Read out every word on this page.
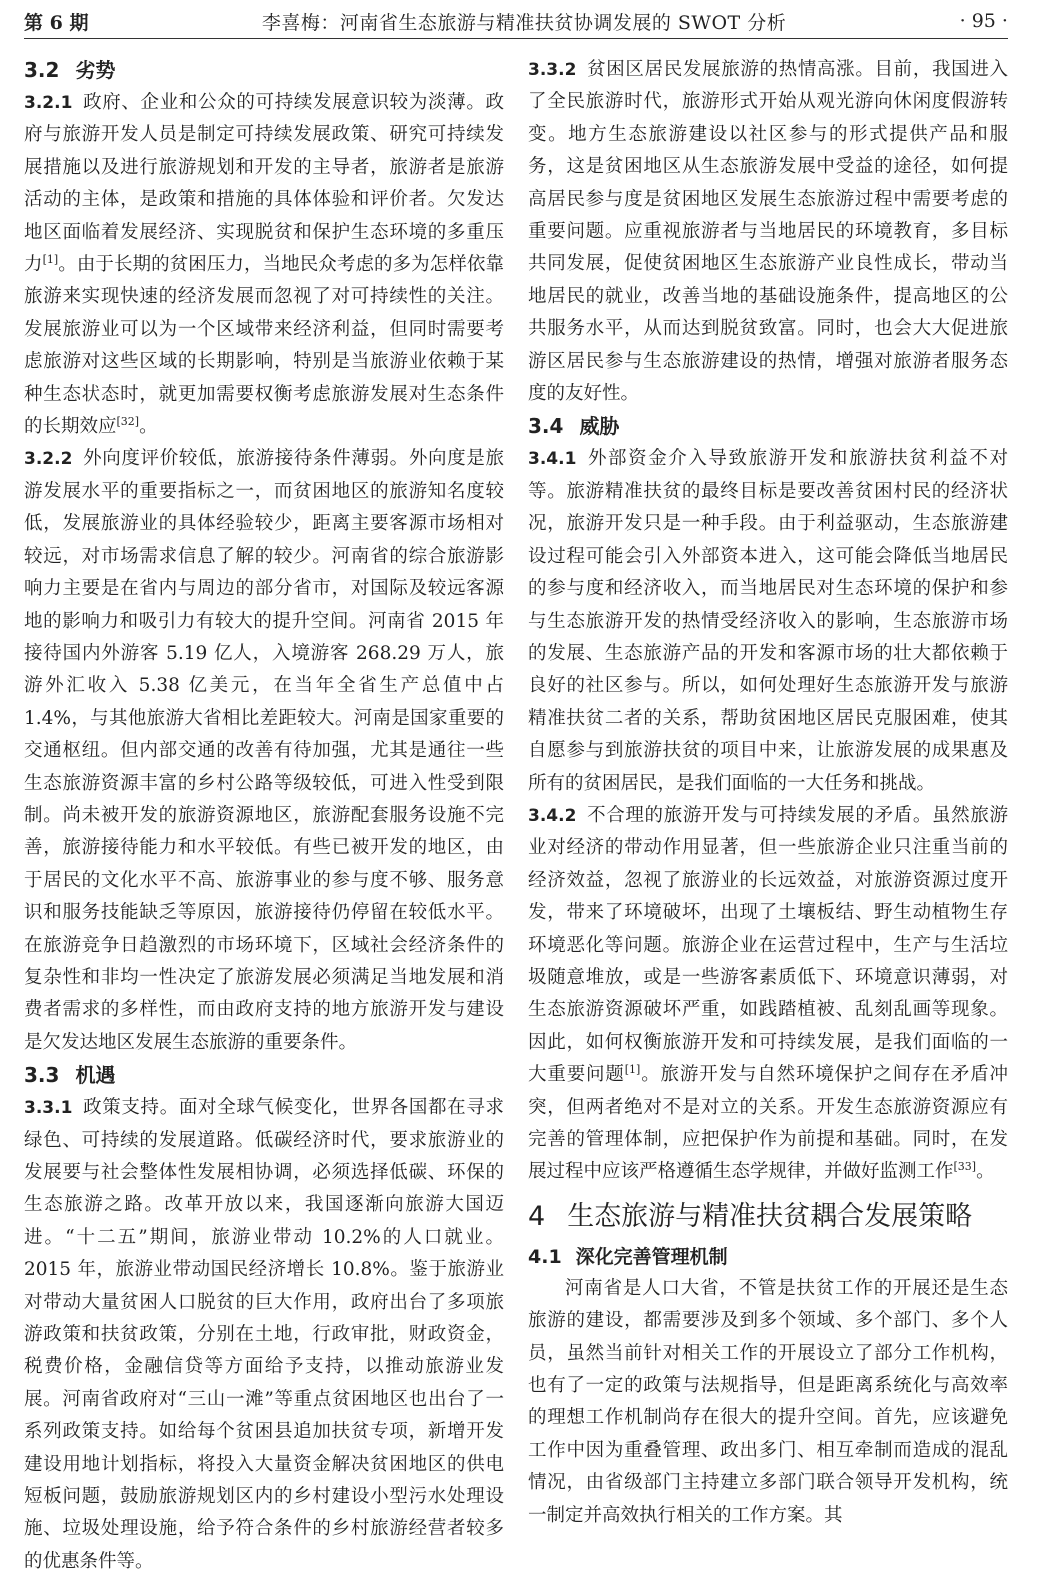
第 6 期	李喜梅：河南省生态旅游与精准扶贫协调发展的 SWOT 分析	· 95 ·
3.2 劣势

3.2.1 政府、企业和公众的可持续发展意识较为淡薄。政府与旅游开发人员是制定可持续发展政策、研究可持续发展措施以及进行旅游规划和开发的主导者，旅游者是旅游活动的主体，是政策和措施的具体体验和评价者。欠发达地区面临着发展经济、实现脱贫和保护生态环境的多重压力[1]。由于长期的贫困压力，当地民众考虑的多为怎样依靠旅游来实现快速的经济发展而忽视了对可持续性的关注。发展旅游业可以为一个区域带来经济利益，但同时需要考虑旅游对这些区域的长期影响，特别是当旅游业依赖于某种生态状态时，就更加需要权衡考虑旅游发展对生态条件的长期效应[32]。

3.2.2 外向度评价较低，旅游接待条件薄弱。外向度是旅游发展水平的重要指标之一，而贫困地区的旅游知名度较低，发展旅游业的具体经验较少，距离主要客源市场相对较远，对市场需求信息了解的较少。河南省的综合旅游影响力主要是在省内与周边的部分省市，对国际及较远客源地的影响力和吸引力有较大的提升空间。河南省 2015 年接待国内外游客 5.19 亿人，入境游客 268.29 万人，旅游外汇收入 5.38 亿美元，在当年全省生产总值中占 1.4%，与其他旅游大省相比差距较大。河南是国家重要的交通枢纽。但内部交通的改善有待加强，尤其是通往一些生态旅游资源丰富的乡村公路等级较低，可进入性受到限制。尚未被开发的旅游资源地区，旅游配套服务设施不完善，旅游接待能力和水平较低。有些已被开发的地区，由于居民的文化水平不高、旅游事业的参与度不够、服务意识和服务技能缺乏等原因，旅游接待仍停留在较低水平。在旅游竞争日趋激烈的市场环境下，区域社会经济条件的复杂性和非均一性决定了旅游发展必须满足当地发展和消费者需求的多样性，而由政府支持的地方旅游开发与建设是欠发达地区发展生态旅游的重要条件。

3.3 机遇

3.3.1 政策支持。面对全球气候变化，世界各国都在寻求绿色、可持续的发展道路。低碳经济时代，要求旅游业的发展要与社会整体性发展相协调，必须选择低碳、环保的生态旅游之路。改革开放以来，我国逐渐向旅游大国迈进。“十二五”期间，旅游业带动 10.2%的人口就业。2015 年，旅游业带动国民经济增长 10.8%。鉴于旅游业对带动大量贫困人口脱贫的巨大作用，政府出台了多项旅游政策和扶贫政策，分别在土地，行政审批，财政资金，税费价格，金融信贷等方面给予支持，以推动旅游业发展。河南省政府对“三山一滩”等重点贫困地区也出台了一系列政策支持。如给每个贫困县追加扶贫专项，新增开发建设用地计划指标，将投入大量资金解决贫困地区的供电短板问题，鼓励旅游规划区内的乡村建设小型污水处理设施、垃圾处理设施，给予符合条件的乡村旅游经营者较多的优惠条件等。

3.3.2 贫困区居民发展旅游的热情高涨。目前，我国进入了全民旅游时代，旅游形式开始从观光游向休闲度假游转变。地方生态旅游建设以社区参与的形式提供产品和服务，这是贫困地区从生态旅游发展中受益的途径，如何提高居民参与度是贫困地区发展生态旅游过程中需要考虑的重要问题。应重视旅游者与当地居民的环境教育，多目标共同发展，促使贫困地区生态旅游产业良性成长，带动当地居民的就业，改善当地的基础设施条件，提高地区的公共服务水平，从而达到脱贫致富。同时，也会大大促进旅游区居民参与生态旅游建设的热情，增强对旅游者服务态度的友好性。

3.4 威胁

3.4.1 外部资金介入导致旅游开发和旅游扶贫利益不对等。旅游精准扶贫的最终目标是要改善贫困村民的经济状况，旅游开发只是一种手段。由于利益驱动，生态旅游建设过程可能会引入外部资本进入，这可能会降低当地居民的参与度和经济收入，而当地居民对生态环境的保护和参与生态旅游开发的热情受经济收入的影响，生态旅游市场的发展、生态旅游产品的开发和客源市场的壮大都依赖于良好的社区参与。所以，如何处理好生态旅游开发与旅游精准扶贫二者的关系，帮助贫困地区居民克服困难，使其自愿参与到旅游扶贫的项目中来，让旅游发展的成果惠及所有的贫困居民，是我们面临的一大任务和挑战。

3.4.2 不合理的旅游开发与可持续发展的矛盾。虽然旅游业对经济的带动作用显著，但一些旅游企业只注重当前的经济效益，忽视了旅游业的长远效益，对旅游资源过度开发，带来了环境破坏，出现了土壤板结、野生动植物生存环境恶化等问题。旅游企业在运营过程中，生产与生活垃圾随意堆放，或是一些游客素质低下、环境意识薄弱，对生态旅游资源破坏严重，如践踏植被、乱刻乱画等现象。因此，如何权衡旅游开发和可持续发展，是我们面临的一大重要问题[1]。旅游开发与自然环境保护之间存在矛盾冲突，但两者绝对不是对立的关系。开发生态旅游资源应有完善的管理体制，应把保护作为前提和基础。同时，在发展过程中应该严格遵循生态学规律，并做好监测工作[33]。

4 生态旅游与精准扶贫耦合发展策略
4.1 深化完善管理机制

河南省是人口大省，不管是扶贫工作的开展还是生态旅游的建设，都需要涉及到多个领域、多个部门、多个人员，虽然当前针对相关工作的开展设立了部分工作机构，也有了一定的政策与法规指导，但是距离系统化与高效率的理想工作机制尚存在很大的提升空间。首先，应该避免工作中因为重叠管理、政出多门、相互牵制而造成的混乱情况，由省级部门主持建立多部门联合领导开发机构，统一制定并高效执行相关的工作方案。其
